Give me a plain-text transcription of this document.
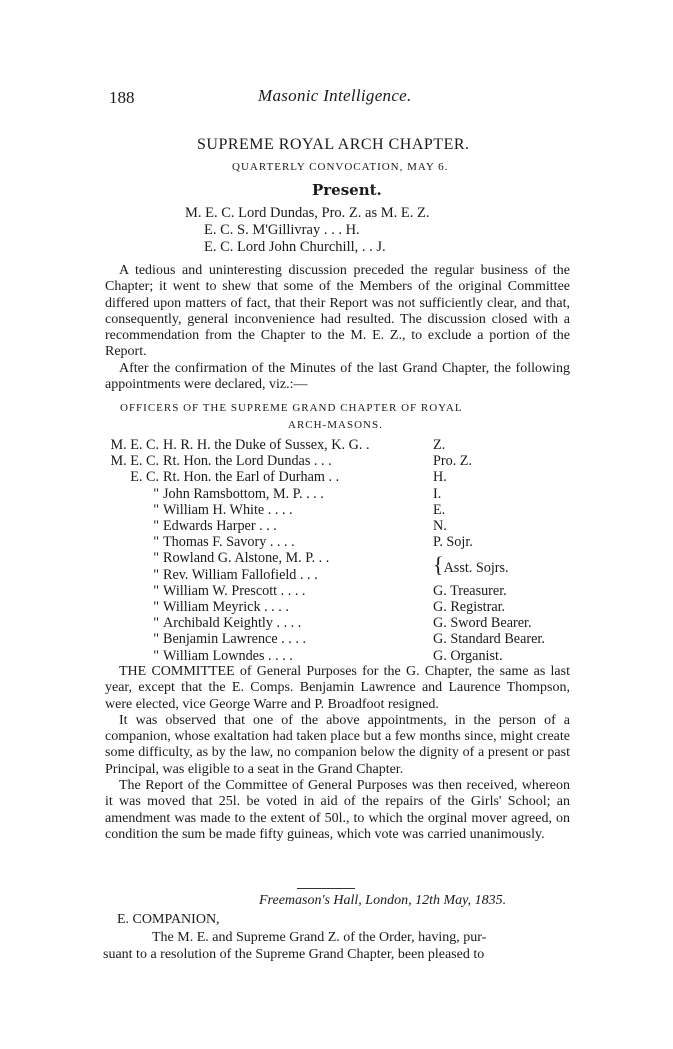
188	Masonic Intelligence.
SUPREME ROYAL ARCH CHAPTER.
QUARTERLY CONVOCATION, MAY 6.
Present.
M. E. C. Lord Dundas, Pro. Z. as M. E. Z.
E. C. S. M'Gillivray . . . H.
E. C. Lord John Churchill, . . J.

A tedious and uninteresting discussion preceded the regular business of the Chapter; it went to shew that some of the Members of the original Committee differed upon matters of fact, that their Report was not sufficiently clear, and that, consequently, general inconvenience had resulted. The discussion closed with a recommendation from the Chapter to the M. E. Z., to exclude a portion of the Report.

After the confirmation of the Minutes of the last Grand Chapter, the following appointments were declared, viz.:—

OFFICERS OF THE SUPREME GRAND CHAPTER OF ROYAL
ARCH-MASONS.
M. E. C.	H. R. H. the Duke of Sussex, K. G. .	Z.
M. E. C.	Rt. Hon. the Lord Dundas . . .	Pro. Z.
E. C.	Rt. Hon. the Earl of Durham . .	H.
"	John Ramsbottom, M. P. . . .	I.
"	William H. White . . . .	E.
"	Edwards Harper . . .	N.
"	Thomas F. Savory . . . .	P. Sojr.
"	Rowland G. Alstone, M. P. . .	{Asst. Sojrs.
"	Rev. William Fallofield . . .	
"	William W. Prescott . . . .	G. Treasurer.
"	William Meyrick . . . .	G. Registrar.
"	Archibald Keightly . . . .	G. Sword Bearer.
"	Benjamin Lawrence . . . .	G. Standard Bearer.
"	William Lowndes . . . .	G. Organist.

THE COMMITTEE of General Purposes for the G. Chapter, the same as last year, except that the E. Comps. Benjamin Lawrence and Laurence Thompson, were elected, vice George Warre and P. Broadfoot resigned.

It was observed that one of the above appointments, in the person of a companion, whose exaltation had taken place but a few months since, might create some difficulty, as by the law, no companion below the dignity of a present or past Principal, was eligible to a seat in the Grand Chapter.

The Report of the Committee of General Purposes was then received, whereon it was moved that 25l. be voted in aid of the repairs of the Girls' School; an amendment was made to the extent of 50l., to which the orginal mover agreed, on condition the sum be made fifty guineas, which vote was carried unanimously.

Freemason's Hall, London, 12th May, 1835.
E. COMPANION,
The M. E. and Supreme Grand Z. of the Order, having, pur-
suant to a resolution of the Supreme Grand Chapter, been pleased to
